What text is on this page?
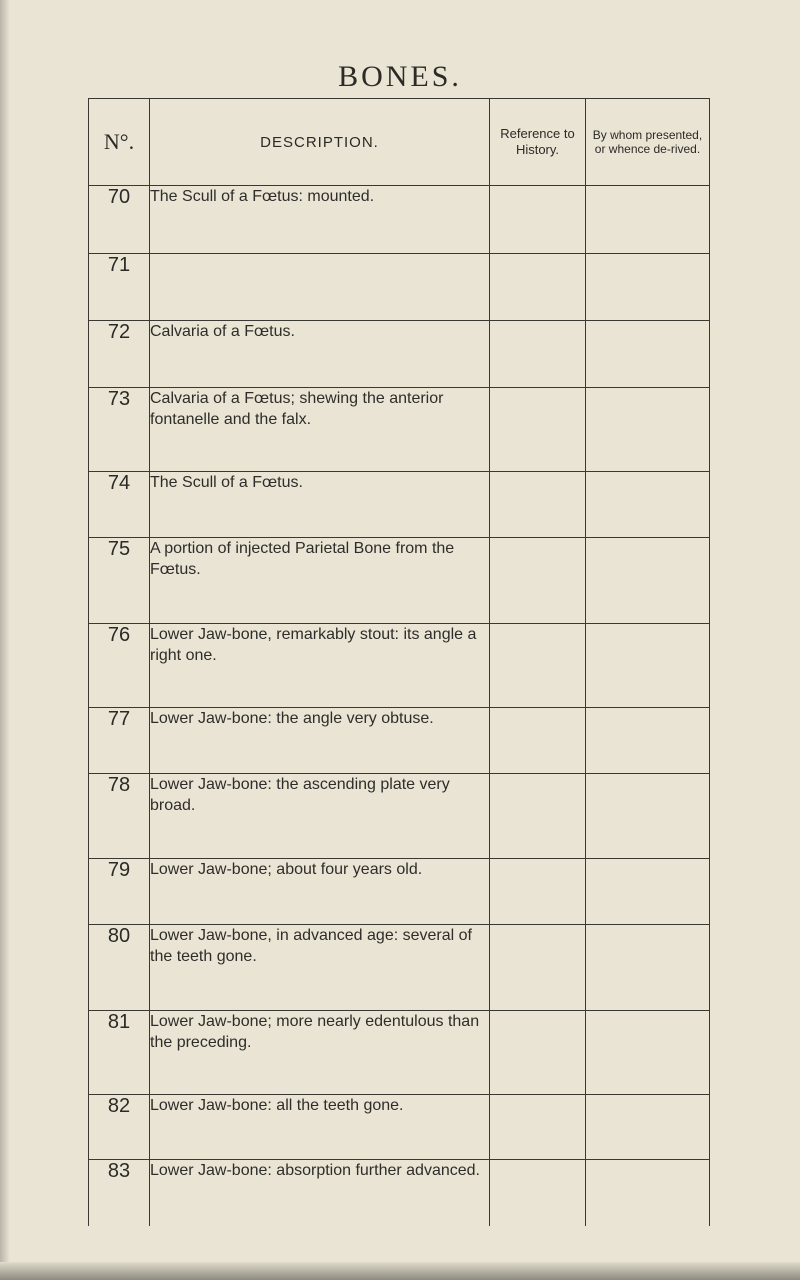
BONES.
N°.	DESCRIPTION.	Reference to History.	By whom presented, or whence de-rived.
70	The Scull of a Fœtus: mounted.		
71			
72	Calvaria of a Fœtus.		
73	Calvaria of a Fœtus; shewing the anterior fontanelle and the falx.		
74	The Scull of a Fœtus.		
75	A portion of injected Parietal Bone from the Fœtus.		
76	Lower Jaw-bone, remarkably stout: its angle a right one.		
77	Lower Jaw-bone: the angle very obtuse.		
78	Lower Jaw-bone: the ascending plate very broad.		
79	Lower Jaw-bone; about four years old.		
80	Lower Jaw-bone, in advanced age: several of the teeth gone.		
81	Lower Jaw-bone; more nearly edentulous than the preceding.		
82	Lower Jaw-bone: all the teeth gone.		
83	Lower Jaw-bone: absorption further advanced.		
